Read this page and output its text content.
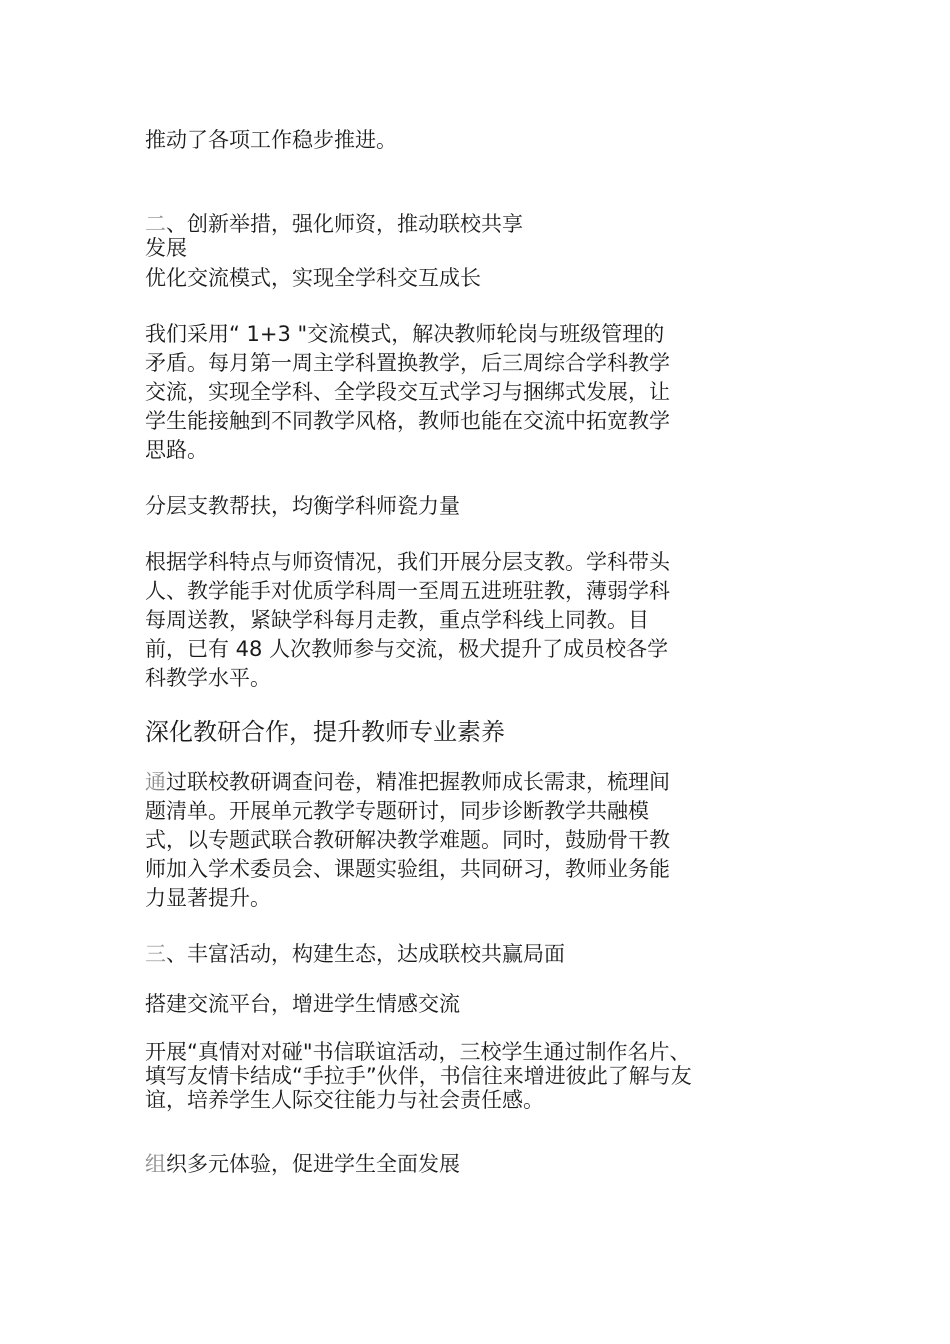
推动了各项工作稳步推进。

二、创新举措，强化师资，推动联校共享

发展

优化交流模式，实现全学科交互成长

我们采用“ 1+3 "交流模式，解决教师轮岗与班级管理的
矛盾。每月第一周主学科置换教学，后三周综合学科教学
交流，实现全学科、全学段交互式学习与捆绑式发展，让
学生能接触到不同教学风格，教师也能在交流中拓宽教学
思路。

分层支教帮扶，均衡学科师瓷力量

根据学科特点与师资情况，我们开展分层支教。学科带头
人、教学能手对优质学科周一至周五进班驻教，薄弱学科
每周送教，紧缺学科每月走教，重点学科线上同教。目
前，已有 48 人次教师参与交流，极犬提升了成员校各学
科教学水平。

深化教研合作，提升教师专业素养

通过联校教研调查问卷，精准把握教师成长需隶，梳理间

题清单。开展单元教学专题研讨，同步诊断教学共融模
式，以专题武联合教研解决教学难题。同时，鼓励骨干教
师加入学术委员会、课题实验组，共同研习，教师业务能
力显著提升。

三、丰富活动，构建生态，达成联校共赢局面

搭建交流平台，增进学生情感交流

开展“真情对对碰"书信联谊活动，三校学生通过制作名片、
填写友情卡结成“手拉手”伙伴，书信往来增进彼此了解与友
谊，培养学生人际交往能力与社会责任感。

组织多元体验，促进学生全面发展
